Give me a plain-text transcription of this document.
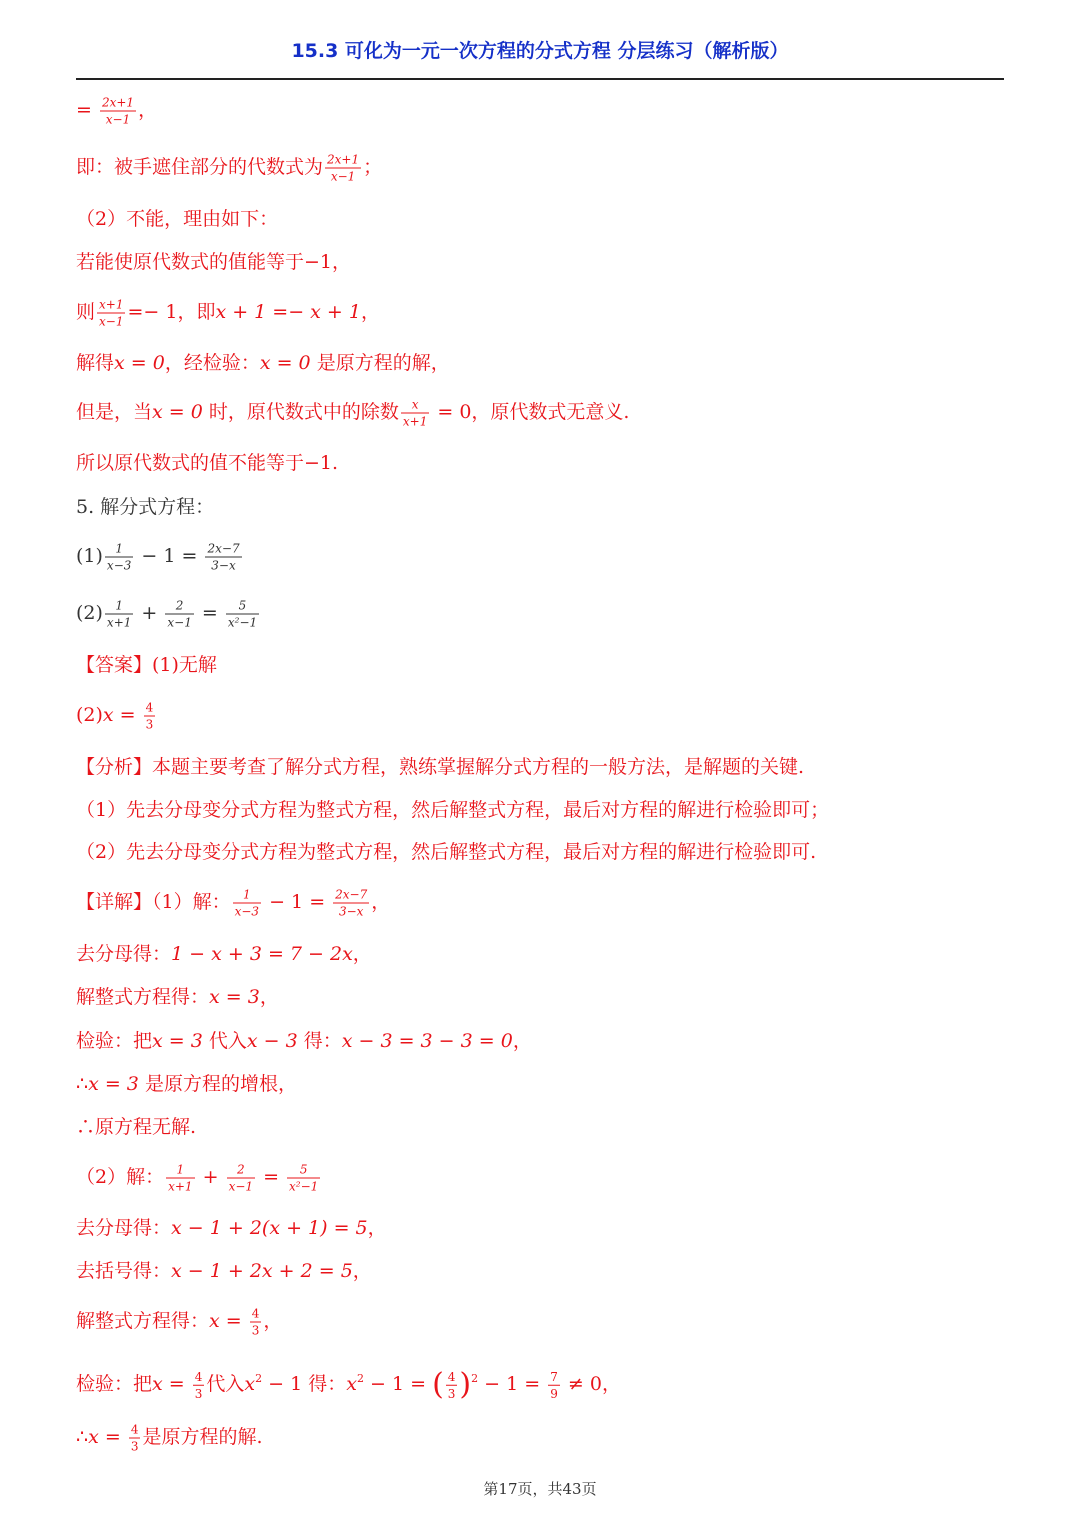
15.3 可化为一元一次方程的分式方程 分层练习（解析版）
= $\frac{2x+1}{x-1}$ ，
即：被手遮住部分的代数式为 $\frac{2x+1}{x-1}$ ；
（2）不能，理由如下：
若能使原代数式的值能等于−1，
则 $\frac{x+1}{x-1} =- 1$，即x + 1 =− x + 1，
解得x = 0，经检验：x = 0 是原方程的解，
但是，当x = 0 时，原代数式中的除数 $\frac{x}{x+1} = 0$，原代数式无意义.
所以原代数式的值不能等于−1.
5. 解分式方程：
$(1) \frac{1}{x-3} - 1 = \frac{2x-7}{3-x}$
$(2) \frac{1}{x+1} + \frac{2}{x-1} = \frac{5}{\text{x²−1}}$
【答案】(1)无解
$(2)x = \frac{4}{3}$
【分析】本题主要考查了解分式方程，熟练掌握解分式方程的一般方法，是解题的关键.
（1）先去分母变分式方程为整式方程，然后解整式方程，最后对方程的解进行检验即可；
（2）先去分母变分式方程为整式方程，然后解整式方程，最后对方程的解进行检验即可.
【详解】（1）解： $\frac{1}{x-3} - 1 = \frac{2x-7}{3-x}$ ，
去分母得：1 − x + 3 = 7 − 2x，
解整式方程得：x = 3，
检验：把x = 3 代入x − 3 得：x − 3 = 3 − 3 = 0，
∴x = 3 是原方程的增根，
∴原方程无解.
（2）解： $\frac{1}{x+1} + \frac{2}{x-1} = \frac{5}{\text{x²−1}}$
去分母得：x − 1 + 2(x + 1) = 5，
去括号得：x − 1 + 2x + 2 = 5，
解整式方程得：$x = \frac{4}{3}$ ，
检验：把$x = \frac{4}{3}$ 代入$x^2 - 1$ 得：$x^2 - 1$ = ( $\frac{4}{3} )^2 - 1 = \frac{7}{9} \ne 0$，
∴x = $\frac{4}{3}$ 是原方程的解.
第17页，共43页
